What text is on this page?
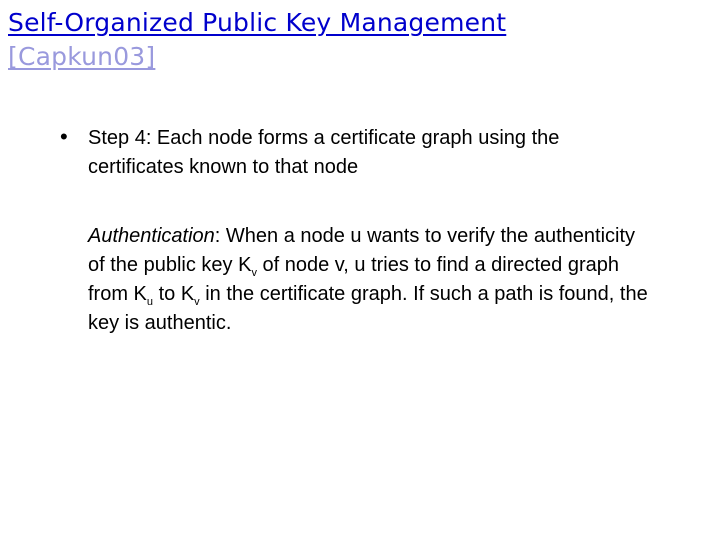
Self-Organized Public Key Management
[Capkun03]
• Step 4: Each node forms a certificate graph using the certificates known to that node
Authentication: When a node u wants to verify the authenticity of the public key $K_v$ of node v, u tries to find a directed graph from $K_u$ to $K_v$ in the certificate graph. If such a path is found, the key is authentic.
